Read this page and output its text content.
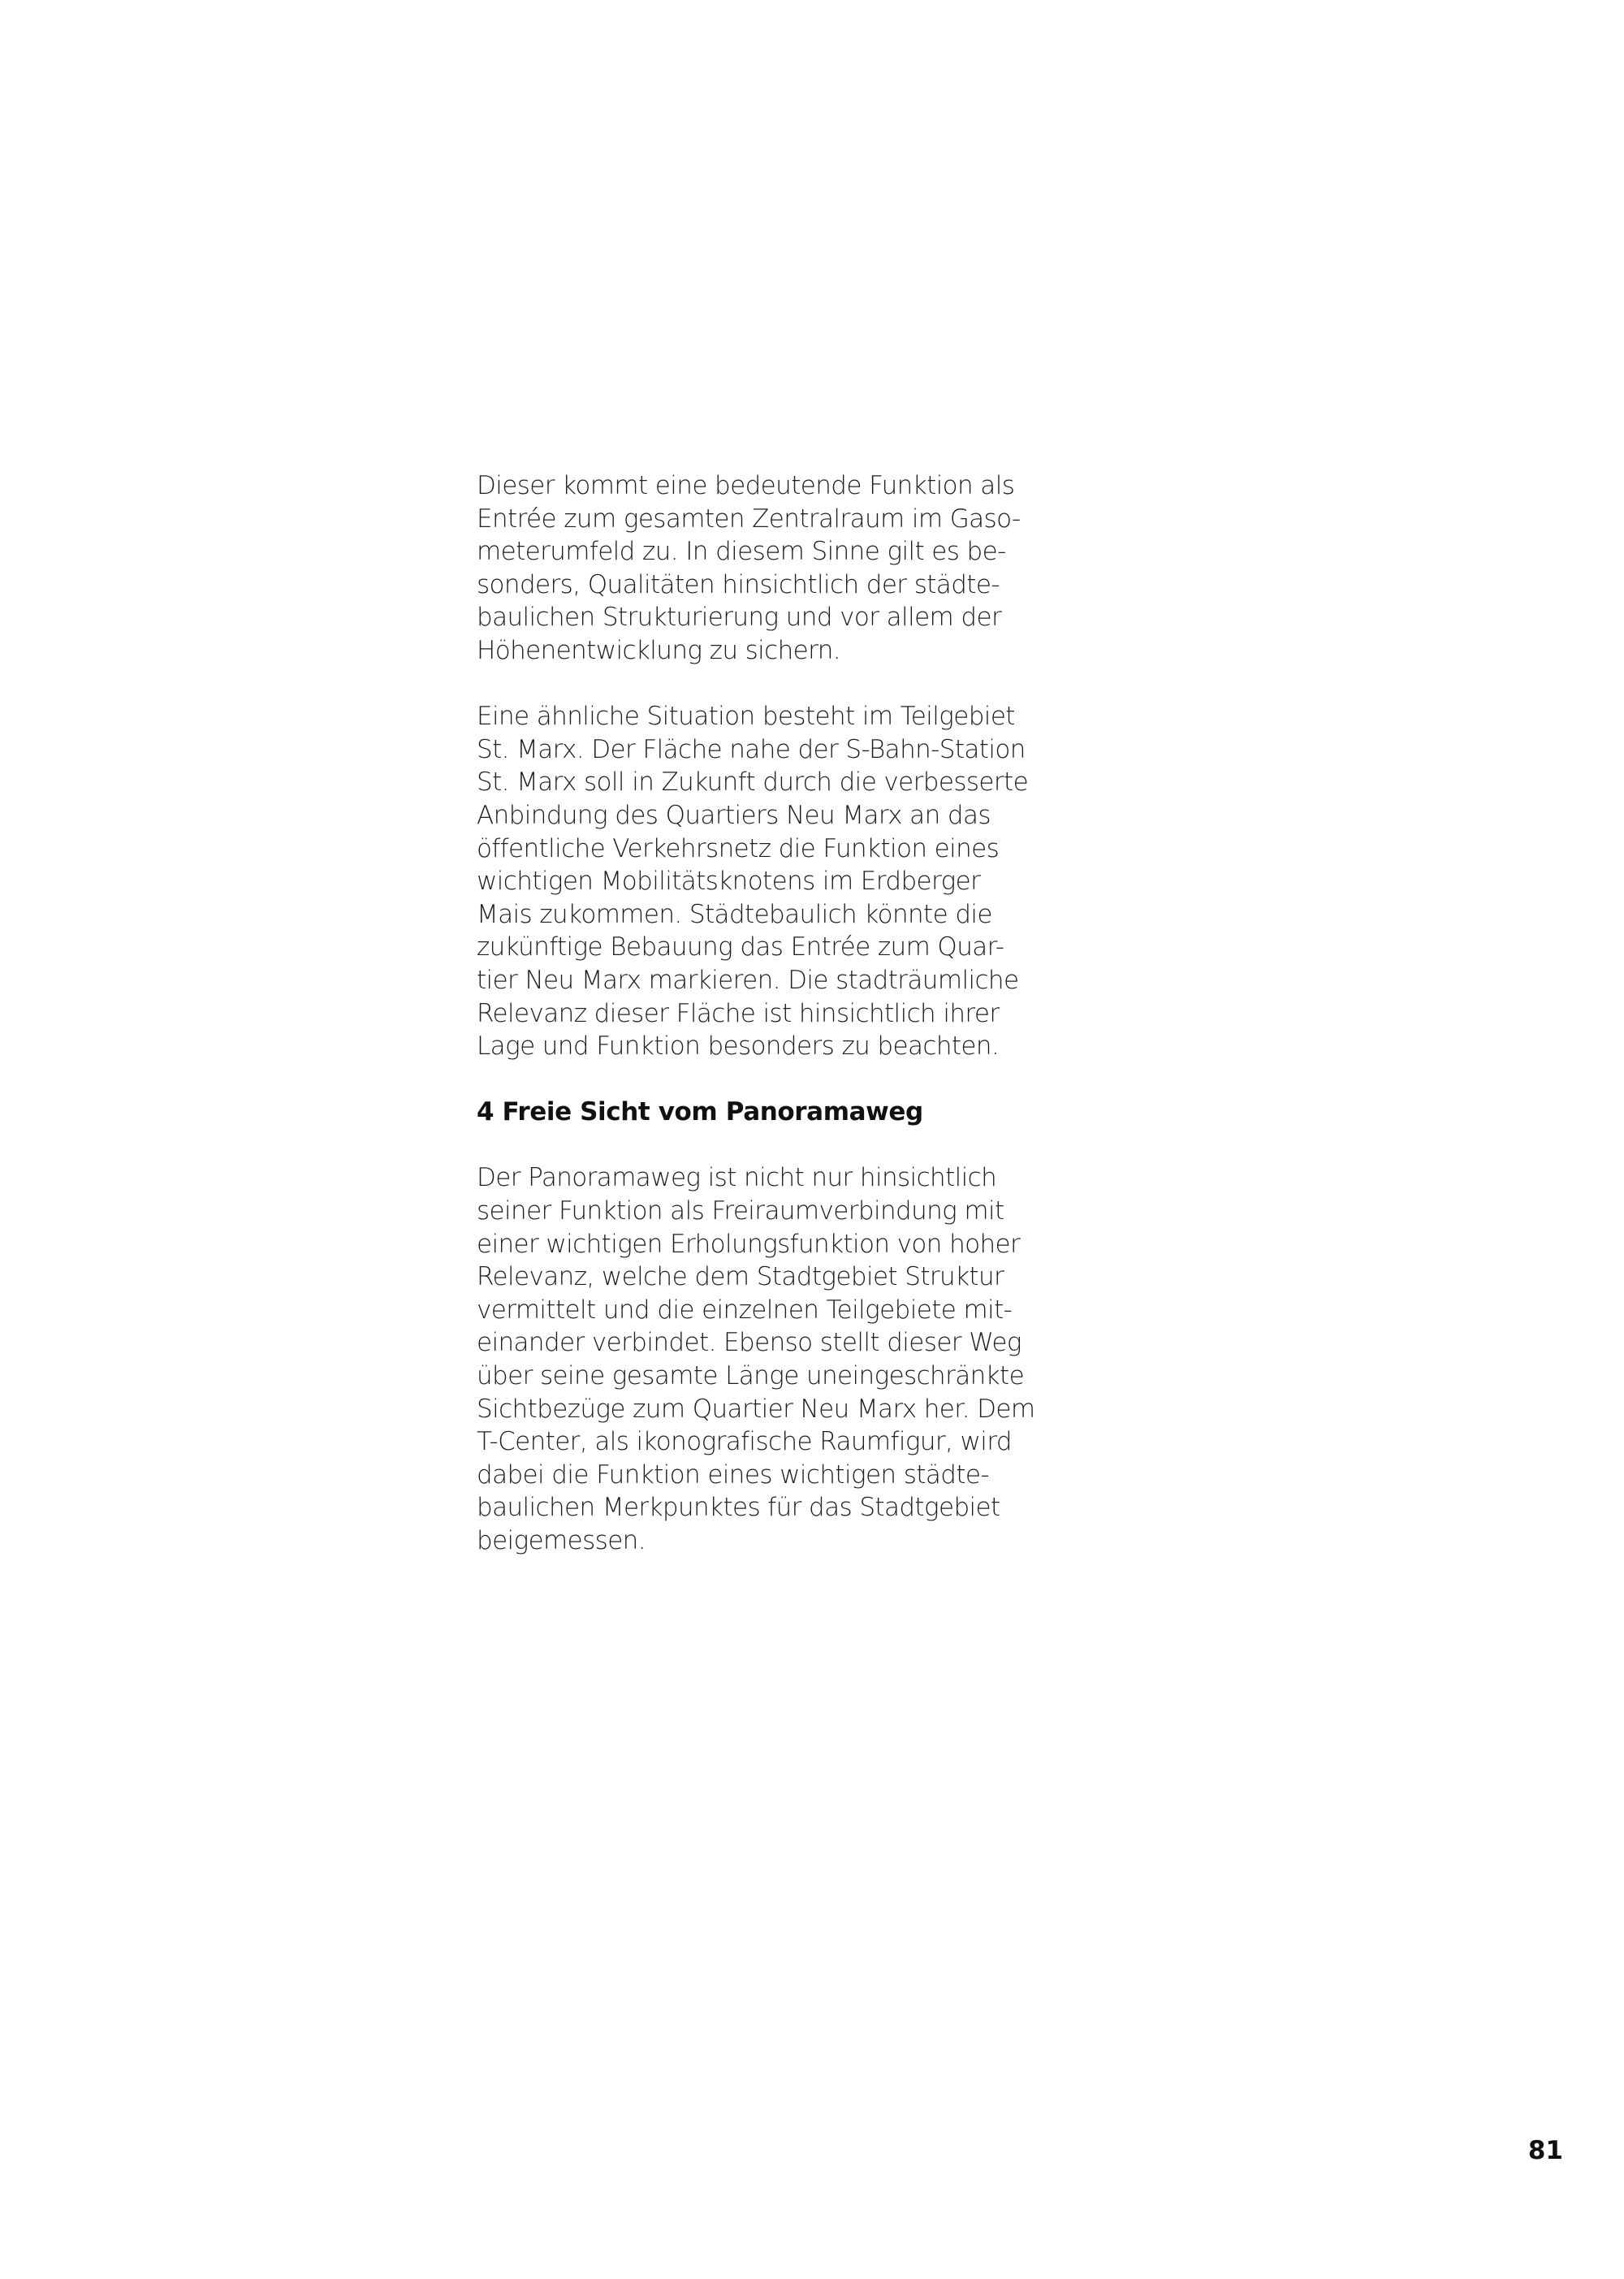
Dieser kommt eine bedeutende Funktion als
Entrée zum gesamten Zentralraum im Gaso-
meterumfeld zu. In diesem Sinne gilt es be-
sonders, Qualitäten hinsichtlich der städte-
baulichen Strukturierung und vor allem der
Höhenentwicklung zu sichern.

Eine ähnliche Situation besteht im Teilgebiet
St. Marx. Der Fläche nahe der S-Bahn-Station
St. Marx soll in Zukunft durch die verbesserte
Anbindung des Quartiers Neu Marx an das
öffentliche Verkehrsnetz die Funktion eines
wichtigen Mobilitätsknotens im Erdberger
Mais zukommen. Städtebaulich könnte die
zukünftige Bebauung das Entrée zum Quar-
tier Neu Marx markieren. Die stadträumliche
Relevanz dieser Fläche ist hinsichtlich ihrer
Lage und Funktion besonders zu beachten.

4 Freie Sicht vom Panoramaweg

Der Panoramaweg ist nicht nur hinsichtlich
seiner Funktion als Freiraumverbindung mit
einer wichtigen Erholungsfunktion von hoher
Relevanz, welche dem Stadtgebiet Struktur
vermittelt und die einzelnen Teilgebiete mit-
einander verbindet. Ebenso stellt dieser Weg
über seine gesamte Länge uneingeschränkte
Sichtbezüge zum Quartier Neu Marx her. Dem
T-Center, als ikonografische Raumfigur, wird
dabei die Funktion eines wichtigen städte-
baulichen Merkpunktes für das Stadtgebiet
beigemessen.

81
